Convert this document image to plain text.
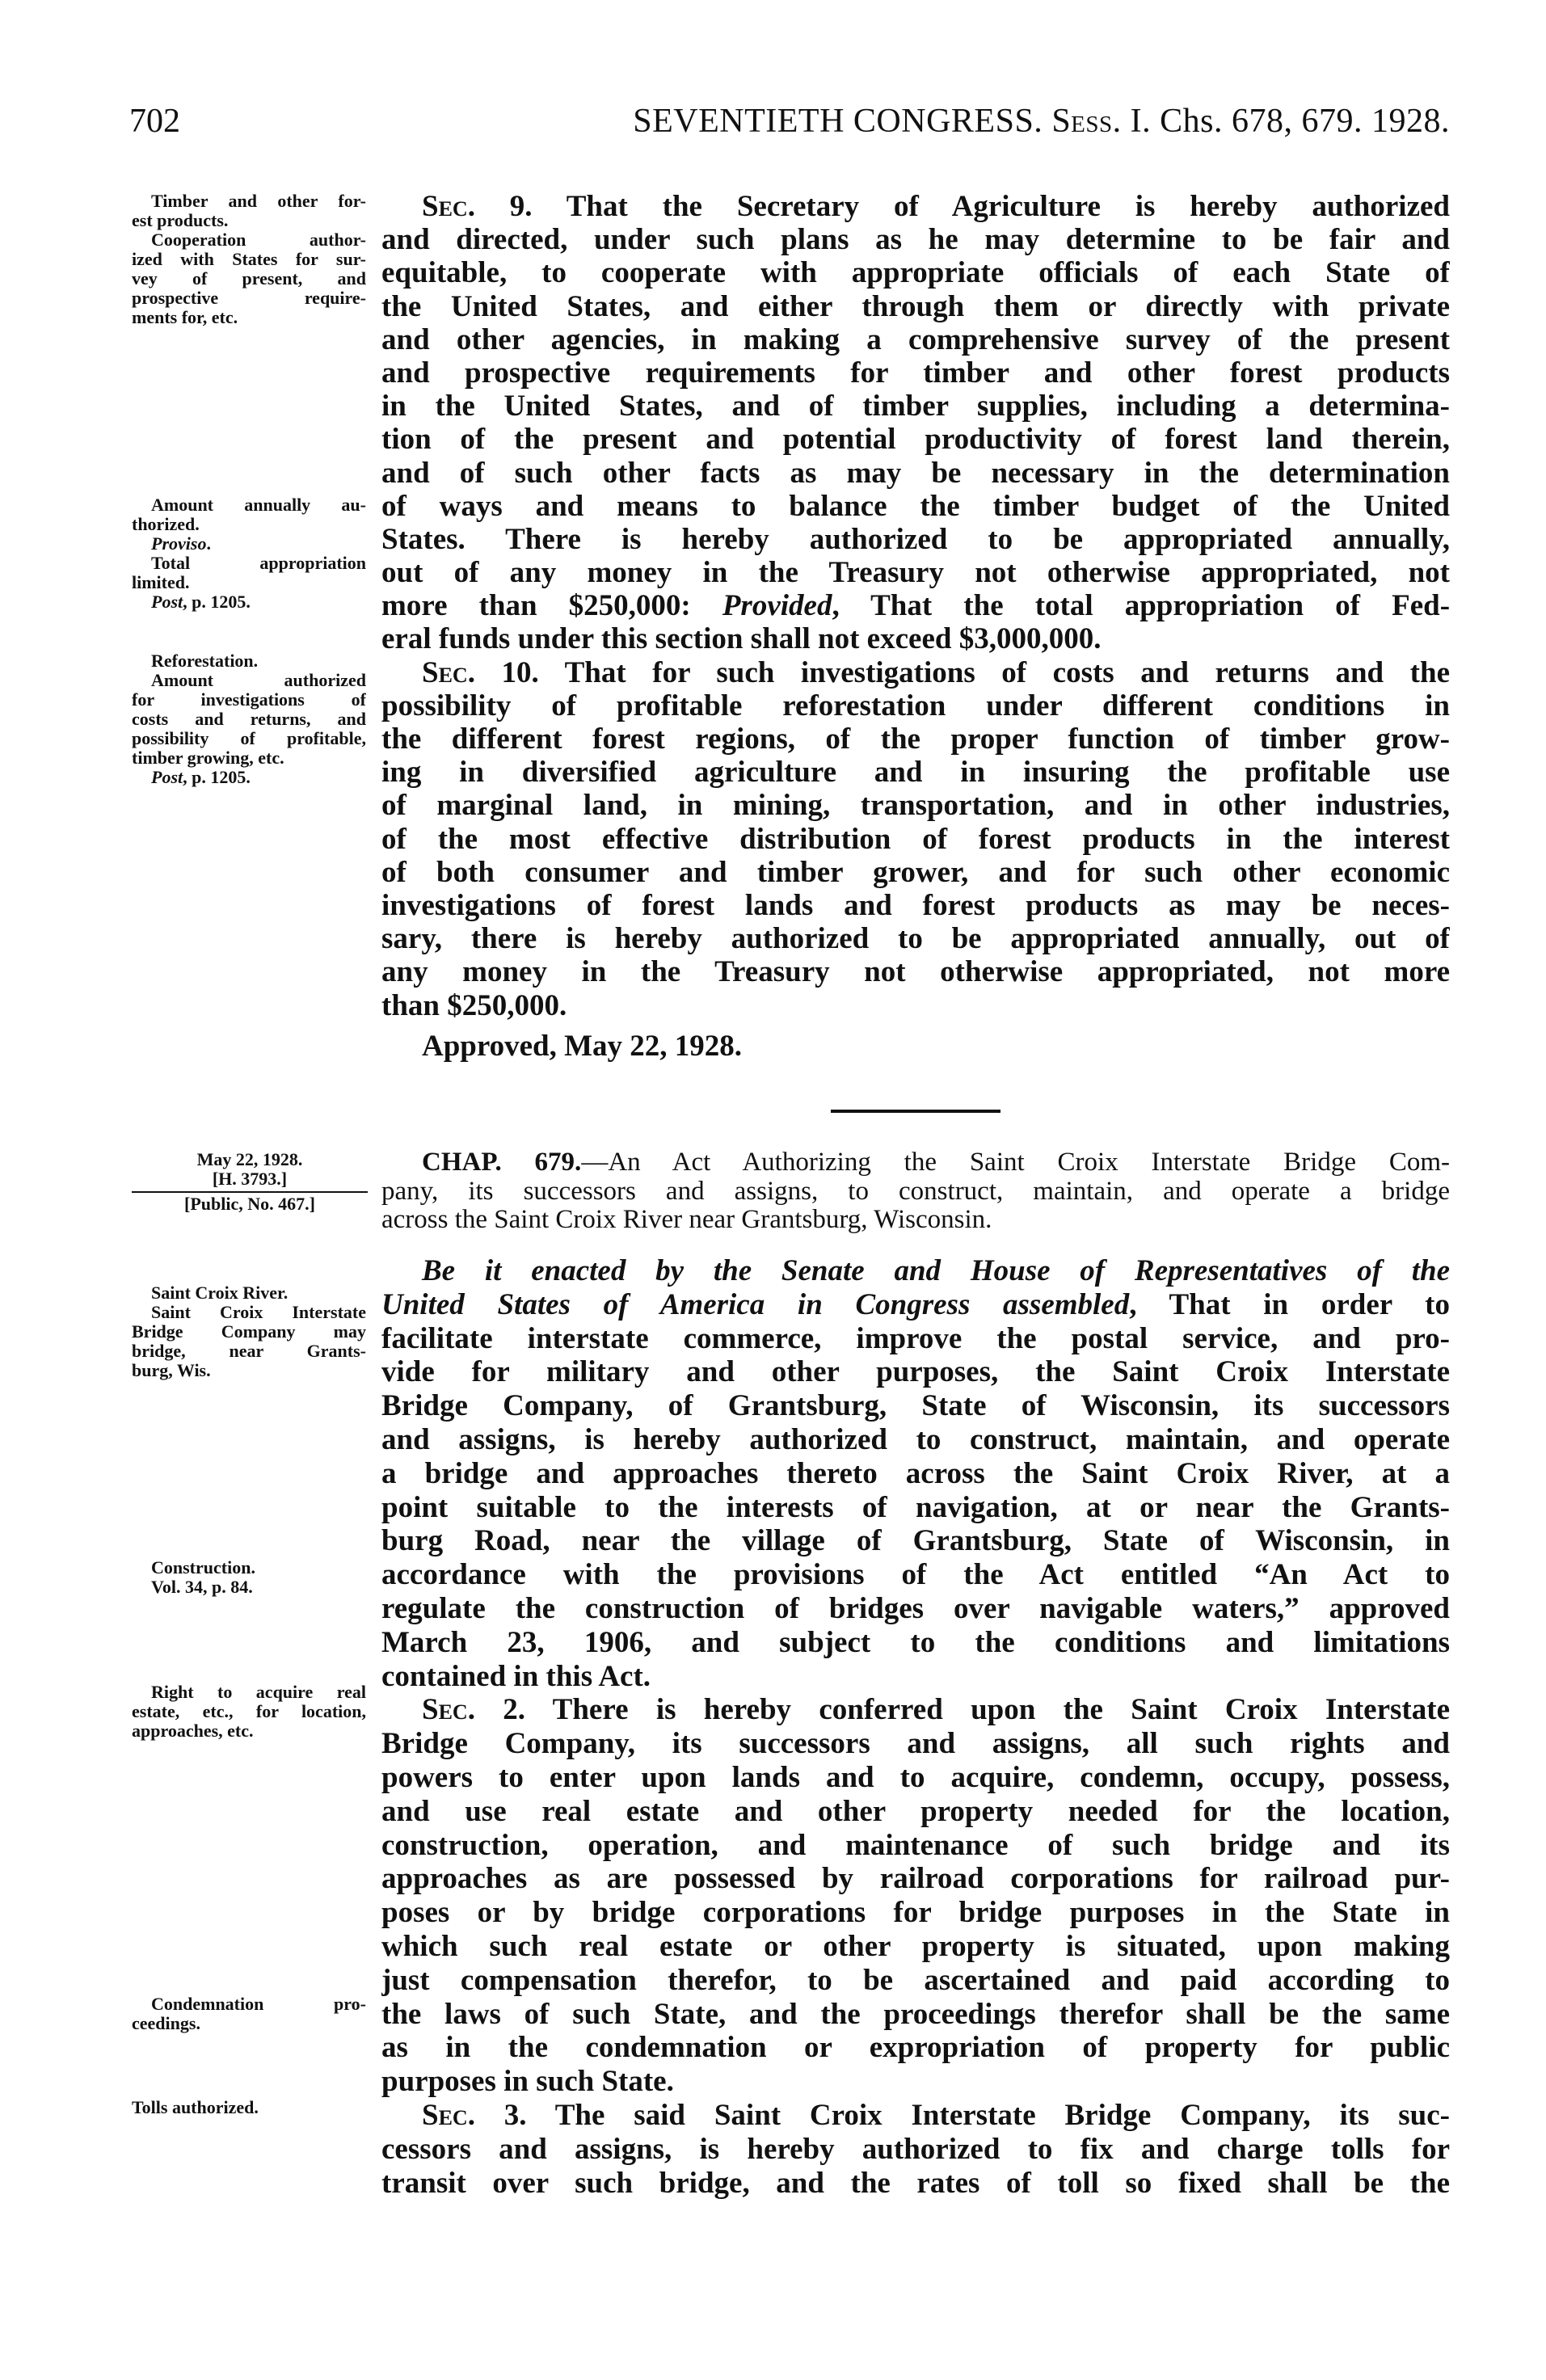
702	SEVENTIETH CONGRESS. Sess. I. Chs. 678, 679. 1928.
Timber and other for-
est products.
Cooperation author-
ized with States for sur-
vey of present, and
prospective require-
ments for, etc.
Amount annually au-
thorized.
Proviso.
Total appropriation
limited.
Post, p. 1205.
Reforestation.
Amount authorized
for investigations of
costs and returns, and
possibility of profitable,
timber growing, etc.
Post, p. 1205.
May 22, 1928.
[H. 3793.]
[Public, No. 467.]
Saint Croix River.
Saint Croix Interstate
Bridge Company may
bridge, near Grants-
burg, Wis.
Construction.
Vol. 34, p. 84.
Right to acquire real
estate, etc., for location,
approaches, etc.
Condemnation pro-
ceedings.
Tolls authorized.
Sec. 9. That the Secretary of Agriculture is hereby authorized
and directed, under such plans as he may determine to be fair and
equitable, to cooperate with appropriate officials of each State of
the United States, and either through them or directly with private
and other agencies, in making a comprehensive survey of the present
and prospective requirements for timber and other forest products
in the United States, and of timber supplies, including a determina-
tion of the present and potential productivity of forest land therein,
and of such other facts as may be necessary in the determination
of ways and means to balance the timber budget of the United
States. There is hereby authorized to be appropriated annually,
out of any money in the Treasury not otherwise appropriated, not
more than $250,000: Provided, That the total appropriation of Fed-
eral funds under this section shall not exceed $3,000,000.
Sec. 10. That for such investigations of costs and returns and the
possibility of profitable reforestation under different conditions in
the different forest regions, of the proper function of timber grow-
ing in diversified agriculture and in insuring the profitable use
of marginal land, in mining, transportation, and in other industries,
of the most effective distribution of forest products in the interest
of both consumer and timber grower, and for such other economic
investigations of forest lands and forest products as may be neces-
sary, there is hereby authorized to be appropriated annually, out of
any money in the Treasury not otherwise appropriated, not more
than $250,000.
Approved, May 22, 1928.
CHAP. 679.—An Act Authorizing the Saint Croix Interstate Bridge Com-
pany, its successors and assigns, to construct, maintain, and operate a bridge
across the Saint Croix River near Grantsburg, Wisconsin.
Be it enacted by the Senate and House of Representatives of the
United States of America in Congress assembled, That in order to
facilitate interstate commerce, improve the postal service, and pro-
vide for military and other purposes, the Saint Croix Interstate
Bridge Company, of Grantsburg, State of Wisconsin, its successors
and assigns, is hereby authorized to construct, maintain, and operate
a bridge and approaches thereto across the Saint Croix River, at a
point suitable to the interests of navigation, at or near the Grants-
burg Road, near the village of Grantsburg, State of Wisconsin, in
accordance with the provisions of the Act entitled “An Act to
regulate the construction of bridges over navigable waters,” approved
March 23, 1906, and subject to the conditions and limitations
contained in this Act.
Sec. 2. There is hereby conferred upon the Saint Croix Interstate
Bridge Company, its successors and assigns, all such rights and
powers to enter upon lands and to acquire, condemn, occupy, possess,
and use real estate and other property needed for the location,
construction, operation, and maintenance of such bridge and its
approaches as are possessed by railroad corporations for railroad pur-
poses or by bridge corporations for bridge purposes in the State in
which such real estate or other property is situated, upon making
just compensation therefor, to be ascertained and paid according to
the laws of such State, and the proceedings therefor shall be the same
as in the condemnation or expropriation of property for public
purposes in such State.
Sec. 3. The said Saint Croix Interstate Bridge Company, its suc-
cessors and assigns, is hereby authorized to fix and charge tolls for
transit over such bridge, and the rates of toll so fixed shall be the
